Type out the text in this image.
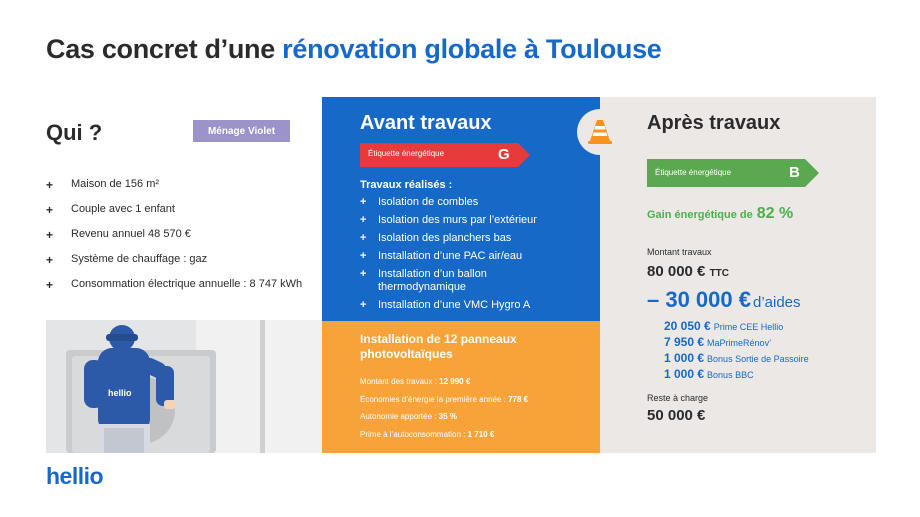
Cas concret d’une rénovation globale à Toulouse
Qui ?	Ménage Violet
+	Maison de 156 m²
+	Couple avec 1 enfant
+	Revenu annuel 48 570 €
+	Système de chauffage : gaz
+	Consommation électrique annuelle : 8 747 kWh
hellio
Avant travaux
Étiquette énergétique	G
Travaux réalisés :
+	Isolation de combles
+	Isolation des murs par l’extérieur
+	Isolation des planchers bas
+	Installation d’une PAC air/eau
+	Installation d’un ballon thermodynamique
+	Installation d’une VMC Hygro A
Installation de 12 panneaux photovoltaïques
Montant des travaux : 12 990 €
Économies d’énergie la première année : 778 €
Autonomie apportée : 35 %
Prime à l’autoconsommation : 1 710 €
Après travaux
Étiquette énergétique	B
Gain énergétique de 82 %
Montant travaux
80 000 € TTC
– 30 000 € d’aides
20 050 € Prime CEE Hellio
7 950 € MaPrimeRénov’
1 000 € Bonus Sortie de Passoire
1 000 € Bonus BBC
Reste à charge
50 000 €
hellio
